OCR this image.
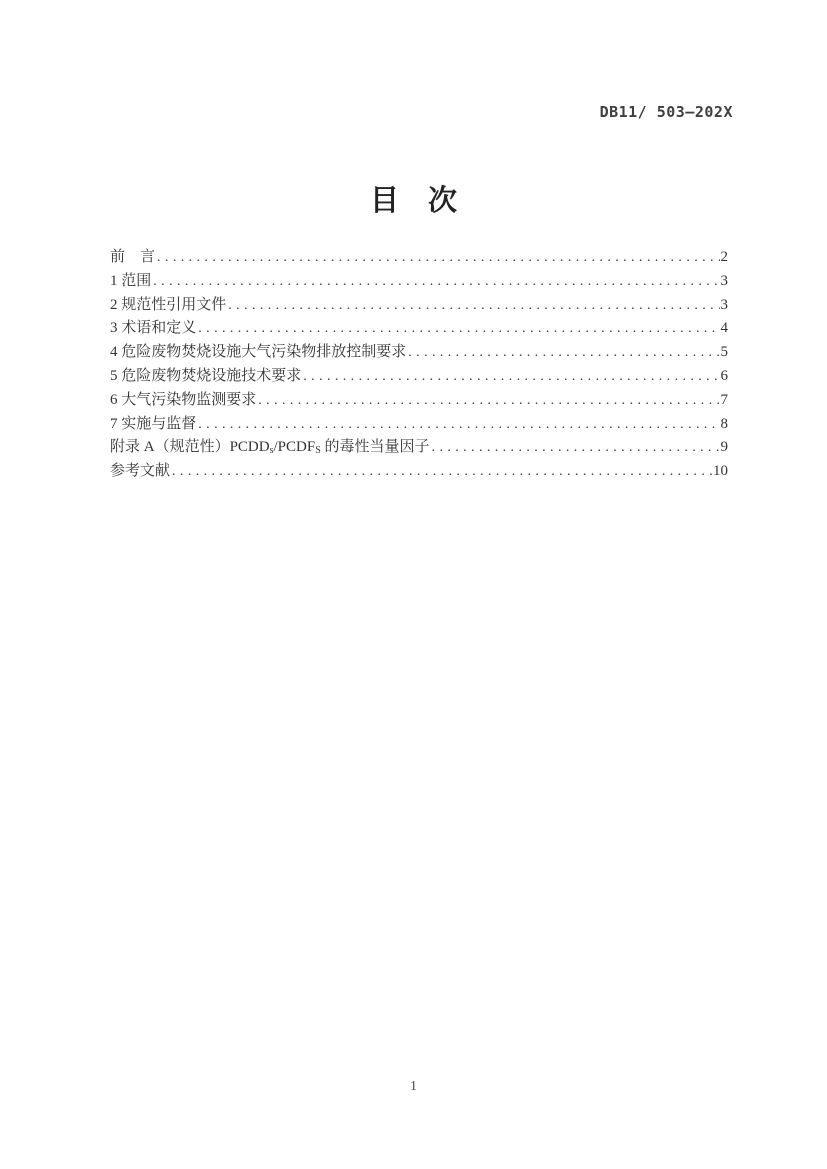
DB11/ 503—202X
目　次
前　言 .....	2
1 范围 .....	3
2 规范性引用文件 .....	3
3 术语和定义 .....	4
4 危险废物焚烧设施大气污染物排放控制要求 .....	5
5 危险废物焚烧设施技术要求 .....	6
6 大气污染物监测要求 .....	7
7 实施与监督 .....	8
附录 A（规范性）$PCDD_s/PCDF_S$ 的毒性当量因子 .....	9
参考文献 .....	10
1
